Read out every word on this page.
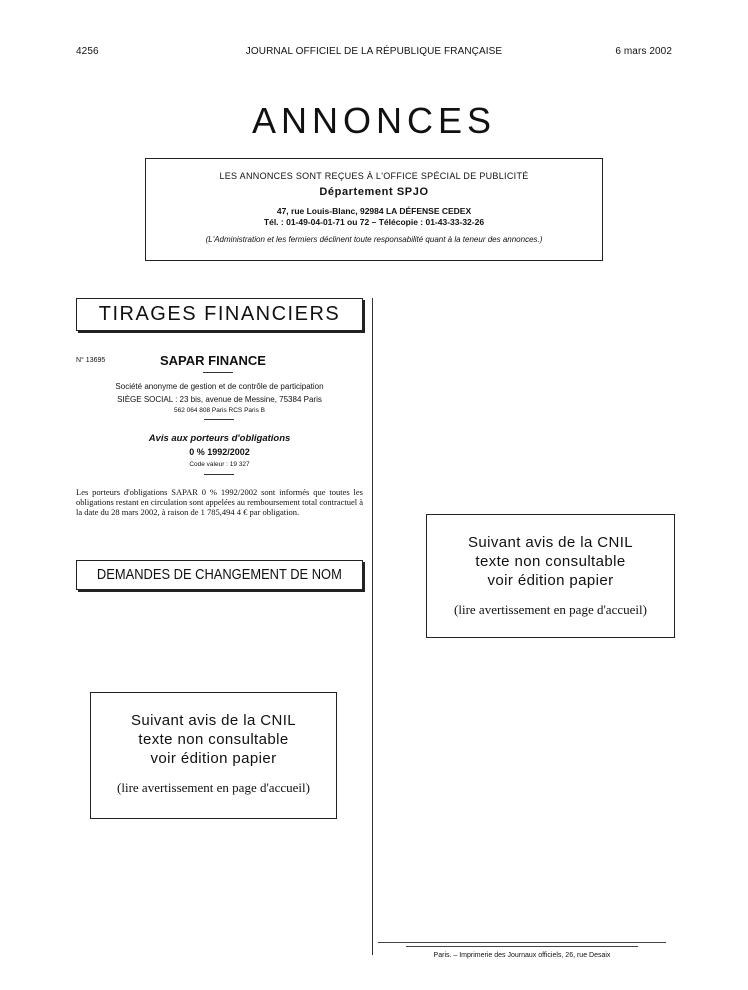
4256	JOURNAL OFFICIEL DE LA RÉPUBLIQUE FRANÇAISE	6 mars 2002
ANNONCES
LES ANNONCES SONT REÇUES À L'OFFICE SPÉCIAL DE PUBLICITÉ
Département SPJO
47, rue Louis-Blanc, 92984 LA DÉFENSE CEDEX
Tél. : 01-49-04-01-71 ou 72 – Télécopie : 01-43-33-32-26
(L'Administration et les fermiers déclinent toute responsabilité quant à la teneur des annonces.)
TIRAGES FINANCIERS
N° 13695	SAPAR FINANCE
Société anonyme de gestion et de contrôle de participation
SIÈGE SOCIAL : 23 bis, avenue de Messine, 75384 Paris
562 064 808 Paris RCS Paris B
Avis aux porteurs d'obligations
0 % 1992/2002
Code valeur : 19 327
Les porteurs d'obligations SAPAR 0 % 1992/2002 sont informés que toutes les obligations restant en circulation sont appelées au remboursement total contractuel à la date du 28 mars 2002, à raison de 1 785,494 4 € par obligation.
DEMANDES DE CHANGEMENT DE NOM
Suivant avis de la CNIL
texte non consultable
voir édition papier
(lire avertissement en page d'accueil)
Suivant avis de la CNIL
texte non consultable
voir édition papier
(lire avertissement en page d'accueil)
Paris. – Imprimerie des Journaux officiels, 26, rue Desaix
